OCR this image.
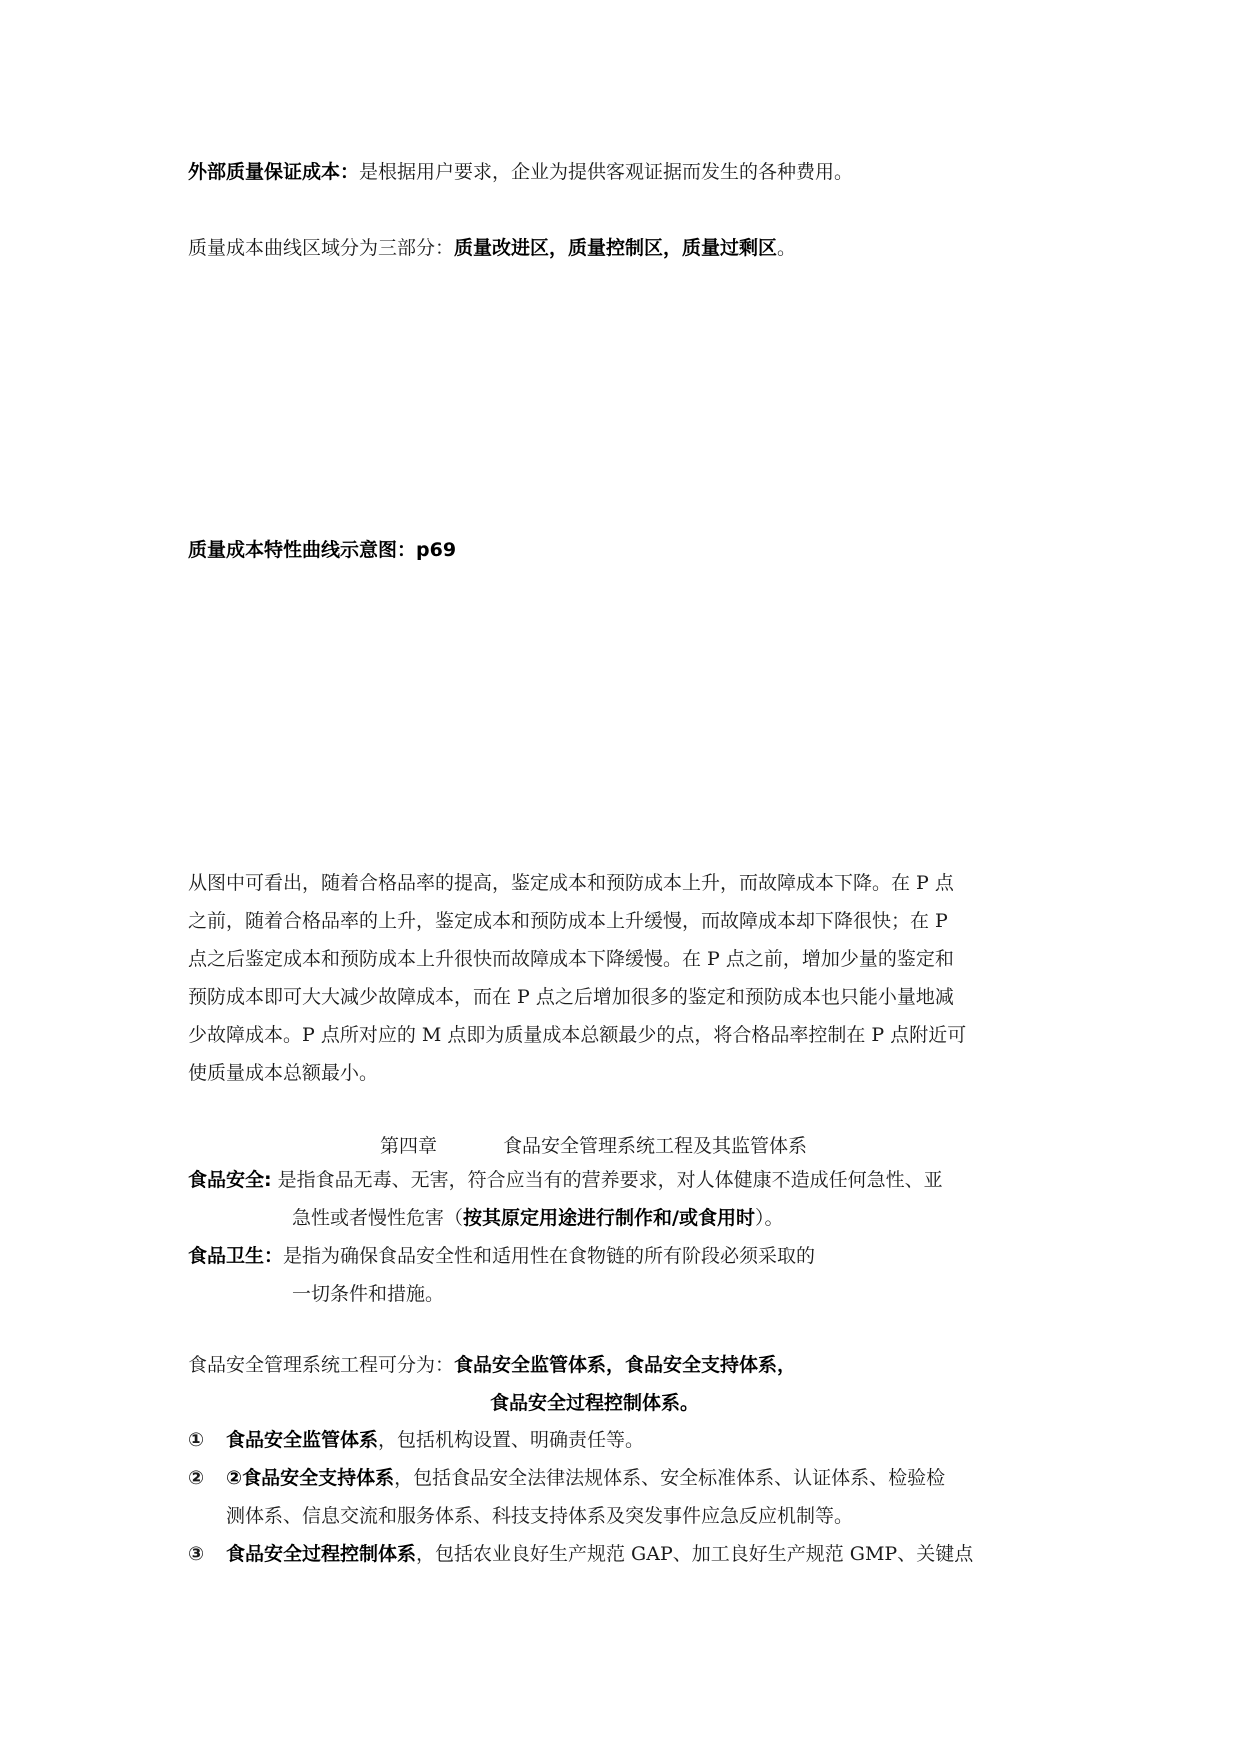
外部质量保证成本：是根据用户要求，企业为提供客观证据而发生的各种费用。
质量成本曲线区域分为三部分：质量改进区，质量控制区，质量过剩区。
质量成本特性曲线示意图：p69
从图中可看出，随着合格品率的提高，鉴定成本和预防成本上升，而故障成本下降。在 P 点
之前，随着合格品率的上升，鉴定成本和预防成本上升缓慢，而故障成本却下降很快；在 P
点之后鉴定成本和预防成本上升很快而故障成本下降缓慢。在 P 点之前，增加少量的鉴定和
预防成本即可大大减少故障成本，而在 P 点之后增加很多的鉴定和预防成本也只能小量地减
少故障成本。P 点所对应的 M 点即为质量成本总额最少的点，将合格品率控制在 P 点附近可
使质量成本总额最小。
第四章	食品安全管理系统工程及其监管体系
食品安全: 是指食品无毒、无害，符合应当有的营养要求，对人体健康不造成任何急性、亚
急性或者慢性危害（按其原定用途进行制作和/或食用时）。
食品卫生：是指为确保食品安全性和适用性在食物链的所有阶段必须采取的
一切条件和措施。
食品安全管理系统工程可分为：食品安全监管体系，食品安全支持体系，
食品安全过程控制体系。
① 食品安全监管体系，包括机构设置、明确责任等。
② ②食品安全支持体系，包括食品安全法律法规体系、安全标准体系、认证体系、检验检
测体系、信息交流和服务体系、科技支持体系及突发事件应急反应机制等。
③ 食品安全过程控制体系，包括农业良好生产规范 GAP、加工良好生产规范 GMP、关键点
